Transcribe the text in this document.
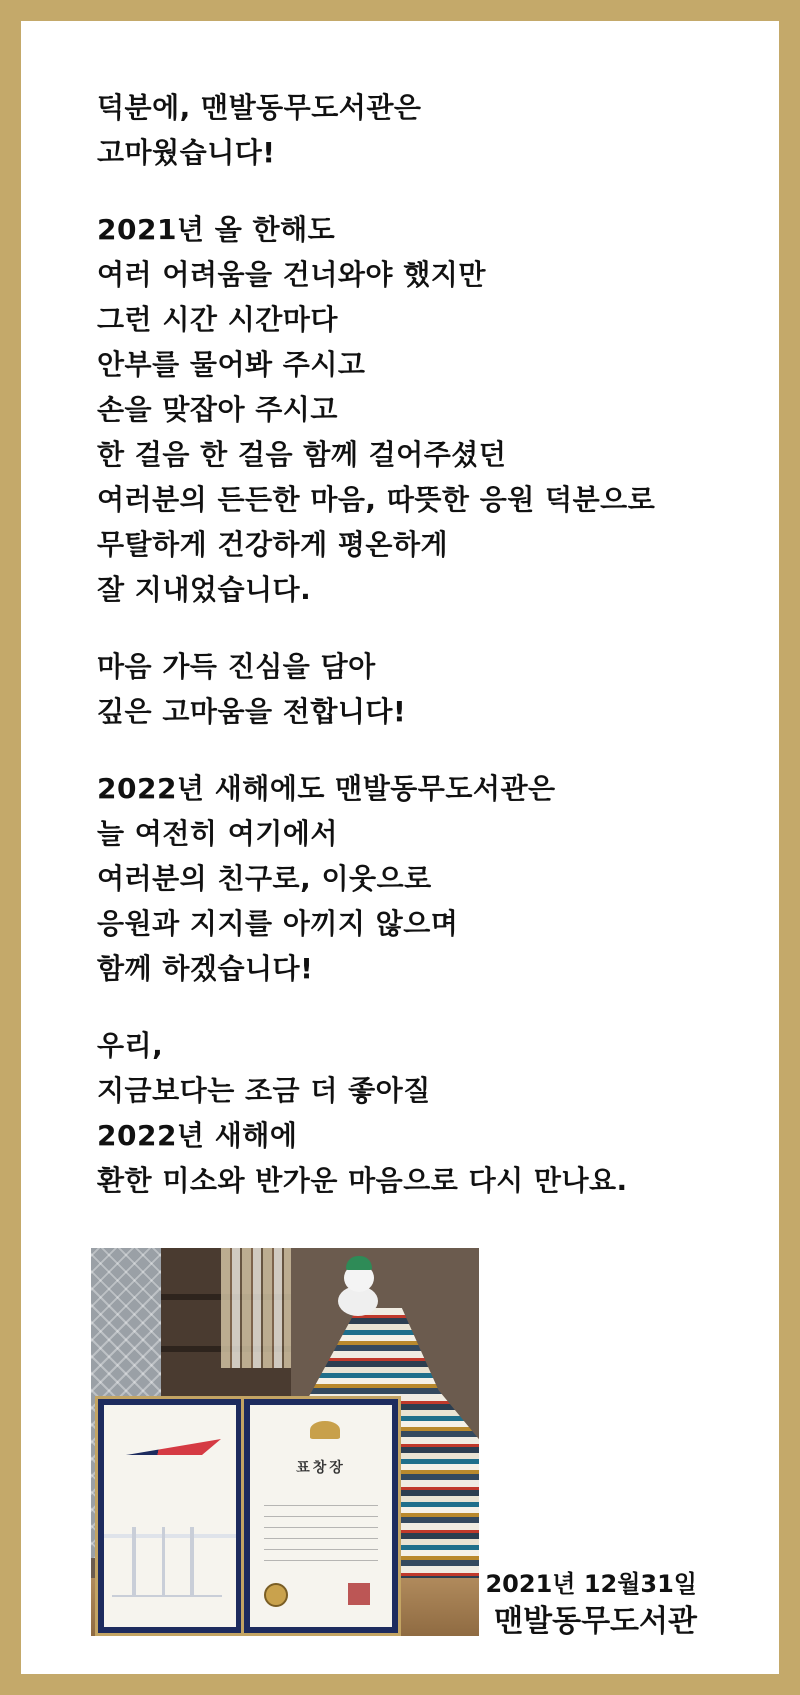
덕분에, 맨발동무도서관은
고마웠습니다!
2021년 올 한해도
여러 어려움을 건너와야 했지만
그런 시간 시간마다
안부를 물어봐 주시고
손을 맞잡아 주시고
한 걸음 한 걸음 함께 걸어주셨던
여러분의 든든한 마음, 따뜻한 응원 덕분으로
무탈하게 건강하게 평온하게
잘 지내었습니다.
마음 가득 진심을 담아
깊은 고마움을 전합니다!
2022년 새해에도 맨발동무도서관은
늘 여전히 여기에서
여러분의 친구로, 이웃으로
응원과 지지를 아끼지 않으며
함께 하겠습니다!
우리,
지금보다는 조금 더 좋아질
2022년 새해에
환한 미소와 반가운 마음으로 다시 만나요.
표창장
2021년 12월31일
맨발동무도서관
